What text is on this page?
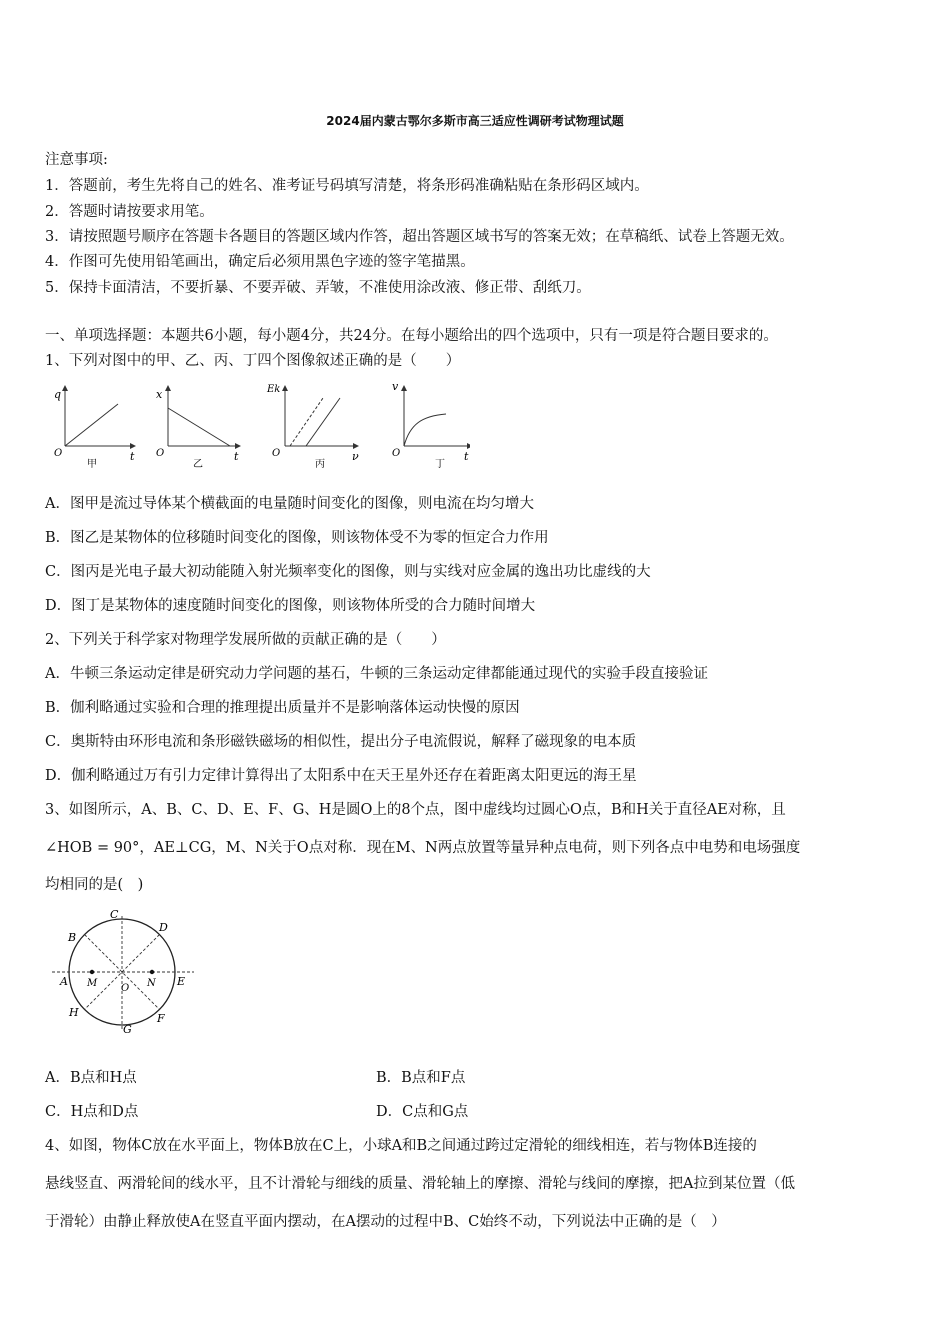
2024届内蒙古鄂尔多斯市高三适应性调研考试物理试题
注意事项:
1．答题前，考生先将自己的姓名、准考证号码填写清楚，将条形码准确粘贴在条形码区域内。
2．答题时请按要求用笔。
3．请按照题号顺序在答题卡各题目的答题区域内作答，超出答题区域书写的答案无效；在草稿纸、试卷上答题无效。
4．作图可先使用铅笔画出，确定后必须用黑色字迹的签字笔描黑。
5．保持卡面清洁，不要折暴、不要弄破、弄皱，不准使用涂改液、修正带、刮纸刀。
一、单项选择题：本题共6小题，每小题4分，共24分。在每小题给出的四个选项中，只有一项是符合题目要求的。
1、下列对图中的甲、乙、丙、丁四个图像叙述正确的是（　　）
q
t
O
甲
x
t
O
乙
Ek
ν
O
丙
v
t
O
丁
A．图甲是流过导体某个横截面的电量随时间变化的图像，则电流在均匀增大
B．图乙是某物体的位移随时间变化的图像，则该物体受不为零的恒定合力作用
C．图丙是光电子最大初动能随入射光频率变化的图像，则与实线对应金属的逸出功比虚线的大
D．图丁是某物体的速度随时间变化的图像，则该物体所受的合力随时间增大
2、下列关于科学家对物理学发展所做的贡献正确的是（　　）
A．牛顿三条运动定律是研究动力学问题的基石，牛顿的三条运动定律都能通过现代的实验手段直接验证
B．伽利略通过实验和合理的推理提出质量并不是影响落体运动快慢的原因
C．奥斯特由环形电流和条形磁铁磁场的相似性，提出分子电流假说，解释了磁现象的电本质
D．伽利略通过万有引力定律计算得出了太阳系中在天王星外还存在着距离太阳更远的海王星
3、如图所示，A、B、C、D、E、F、G、H是圆O上的8个点，图中虚线均过圆心O点，B和H关于直径AE对称，且
∠HOB = 90°，AE⊥CG，M、N关于O点对称．现在M、N两点放置等量异种点电荷，则下列各点中电势和电场强度
均相同的是(　)
A
B
C
D
E
F
G
H
M	N
O
A．B点和H点	B．B点和F点
C．H点和D点	D．C点和G点
4、如图，物体C放在水平面上，物体B放在C上，小球A和B之间通过跨过定滑轮的细线相连，若与物体B连接的
悬线竖直、两滑轮间的线水平，且不计滑轮与细线的质量、滑轮轴上的摩擦、滑轮与线间的摩擦，把A拉到某位置（低
于滑轮）由静止释放使A在竖直平面内摆动，在A摆动的过程中B、C始终不动，下列说法中正确的是（　）
